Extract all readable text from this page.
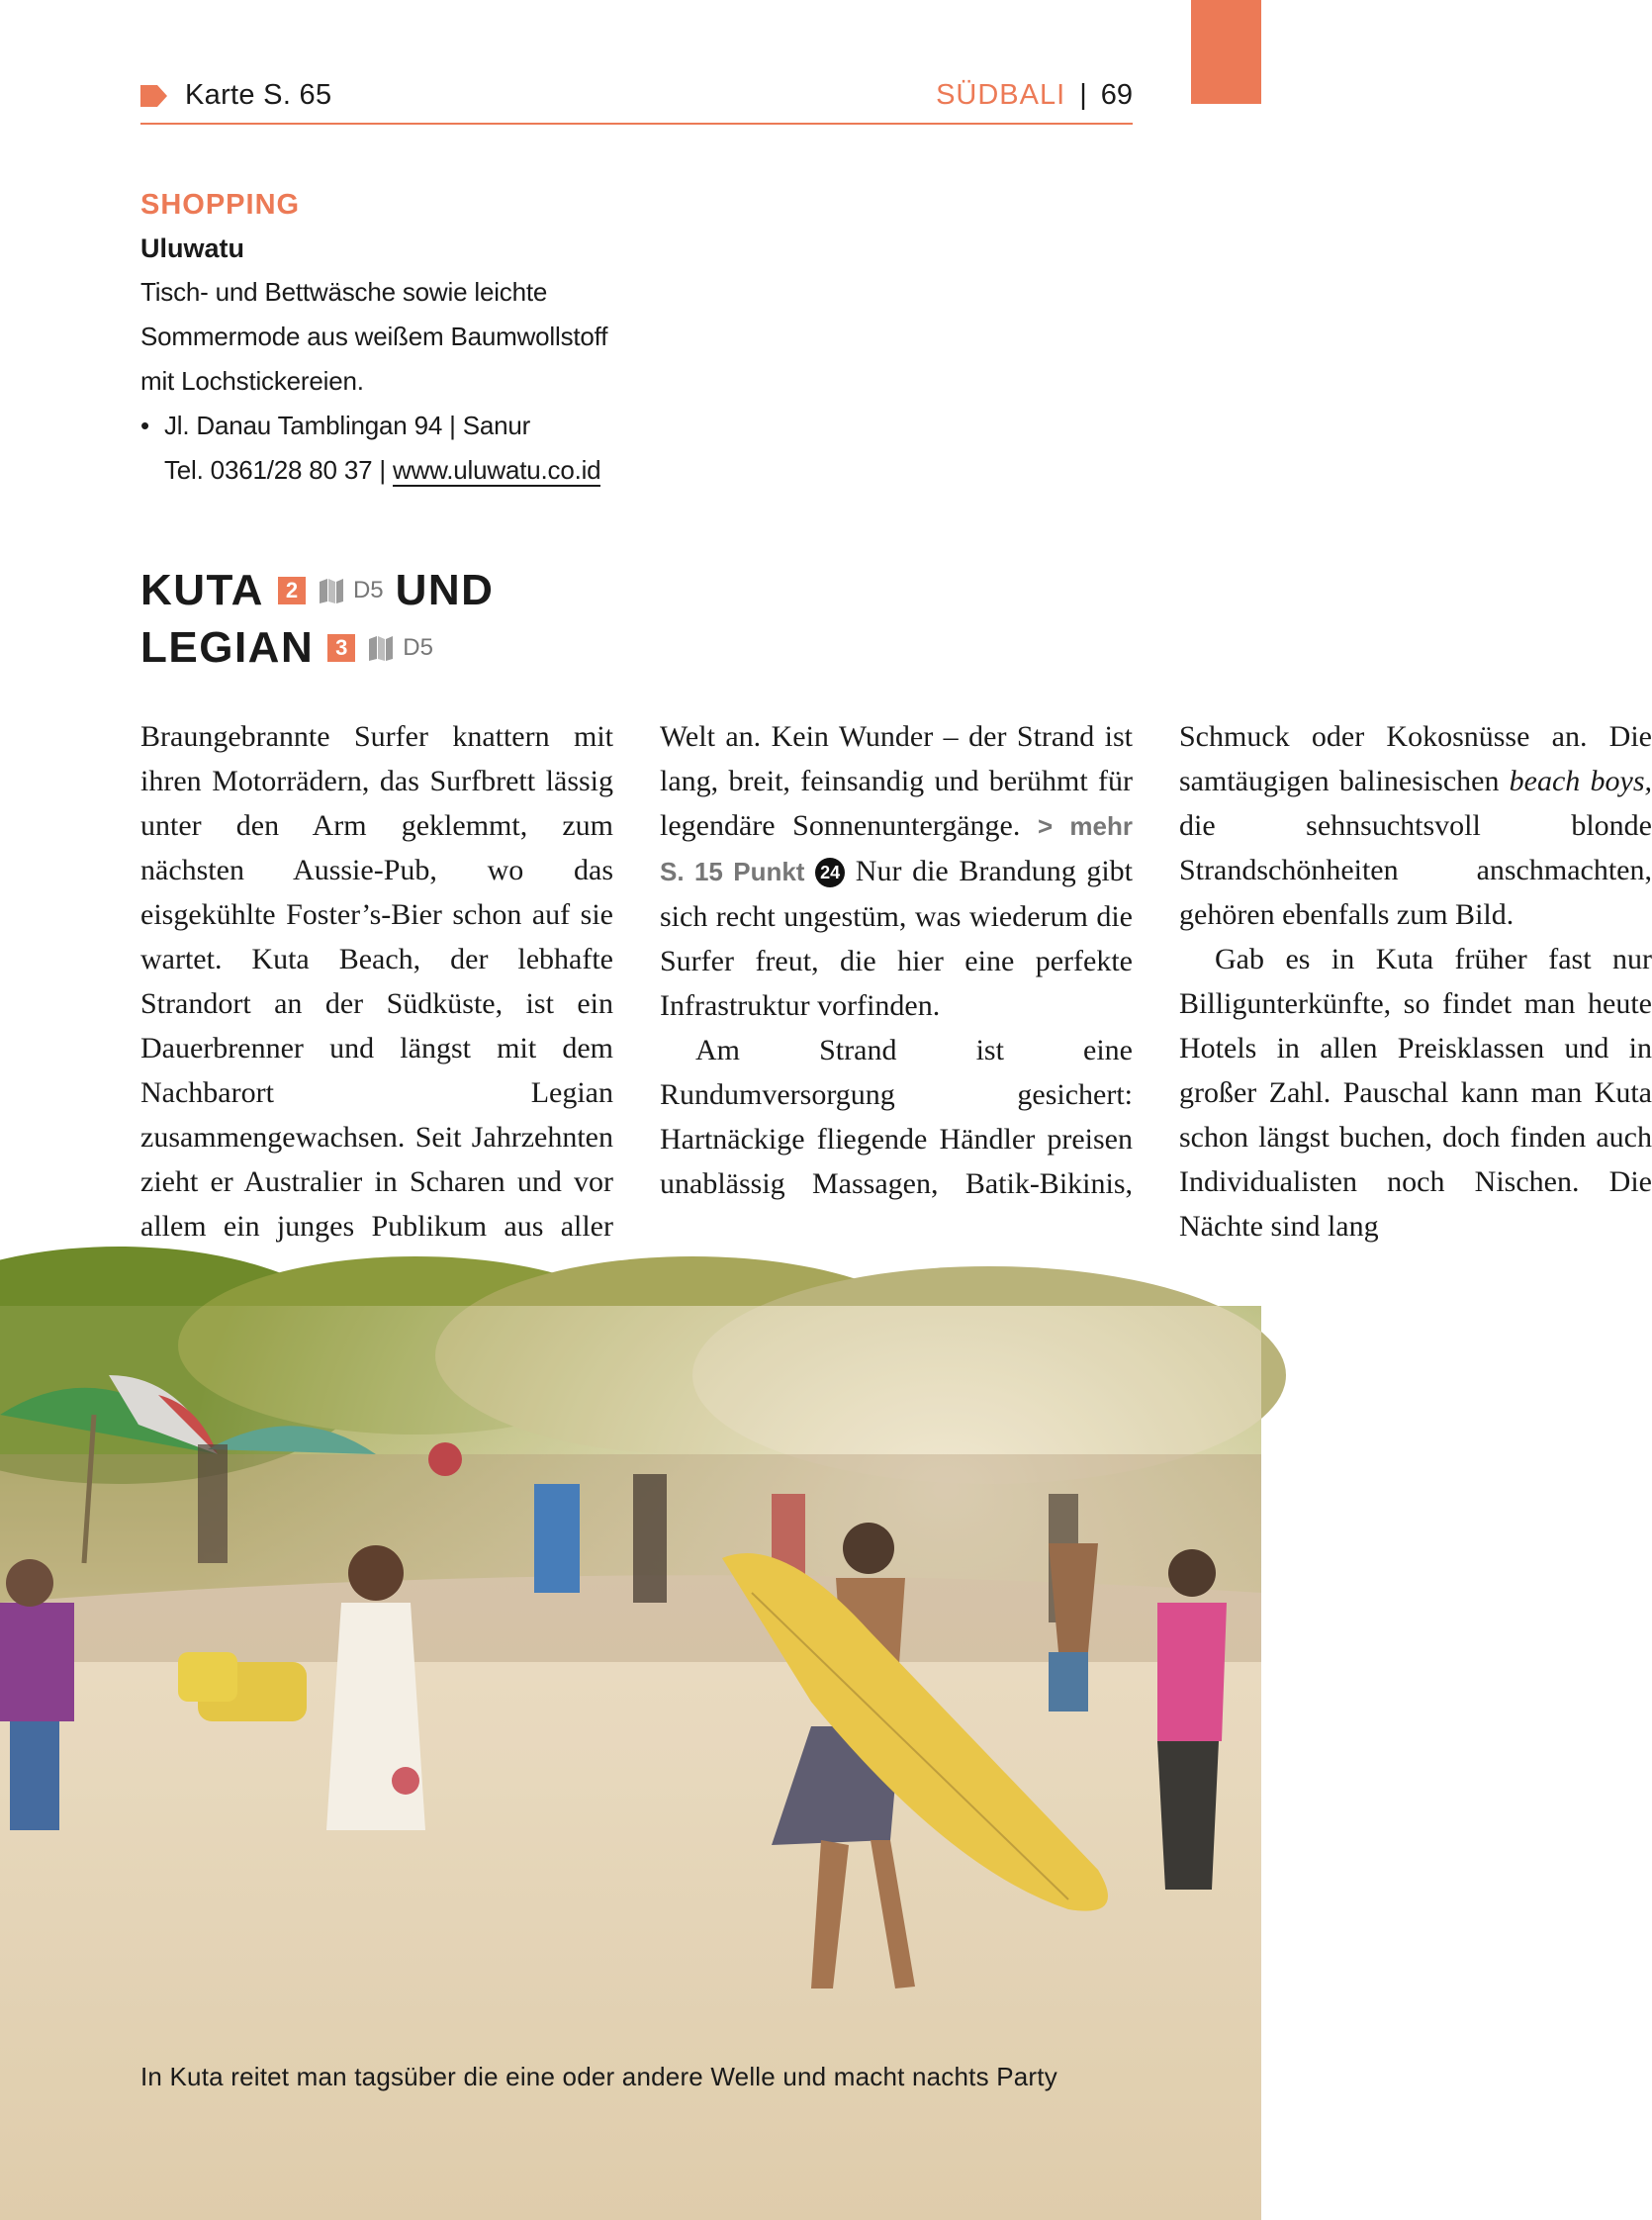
Karte S. 65	SÜDBALI | 69
SHOPPING
Uluwatu
Tisch- und Bettwäsche sowie leichte Sommermode aus weißem Baumwollstoff mit Lochstickereien.
• Jl. Danau Tamblingan 94 | Sanur
Tel. 0361/28 80 37 | www.uluwatu.co.id
KUTA 2	D5 UND
LEGIAN 3	D5

Braungebrannte Surfer knattern mit ihren Motorrädern, das Surfbrett lässig unter den Arm geklemmt, zum nächsten Aussie-Pub, wo das eisgekühlte Foster’s-Bier schon auf sie wartet. Kuta Beach, der lebhafte Strandort an der Südküste, ist ein Dauerbrenner und längst mit dem Nachbarort Legian zusammengewachsen. Seit Jahrzehnten zieht er Australier in Scharen und vor allem ein junges Publikum aus aller Welt an. Kein Wunder – der Strand ist lang, breit, feinsandig und berühmt für legendäre Sonnenuntergänge. > mehr S. 15 Punkt 24 Nur die Brandung gibt sich recht ungestüm, was wiederum die Surfer freut, die hier eine perfekte Infrastruktur vorfinden.

Am Strand ist eine Rundumversorgung gesichert: Hartnäckige fliegende Händler preisen unablässig Massagen, Batik-Bikinis, Schmuck oder Kokosnüsse an. Die samtäugigen balinesischen beach boys, die sehnsuchtsvoll blonde Strandschönheiten anschmachten, gehören ebenfalls zum Bild.

Gab es in Kuta früher fast nur Billigunterkünfte, so findet man heute Hotels in allen Preisklassen und in großer Zahl. Pauschal kann man Kuta schon längst buchen, doch finden auch Individualisten noch Nischen. Die Nächte sind lang

In Kuta reitet man tagsüber die eine oder andere Welle und macht nachts Party
